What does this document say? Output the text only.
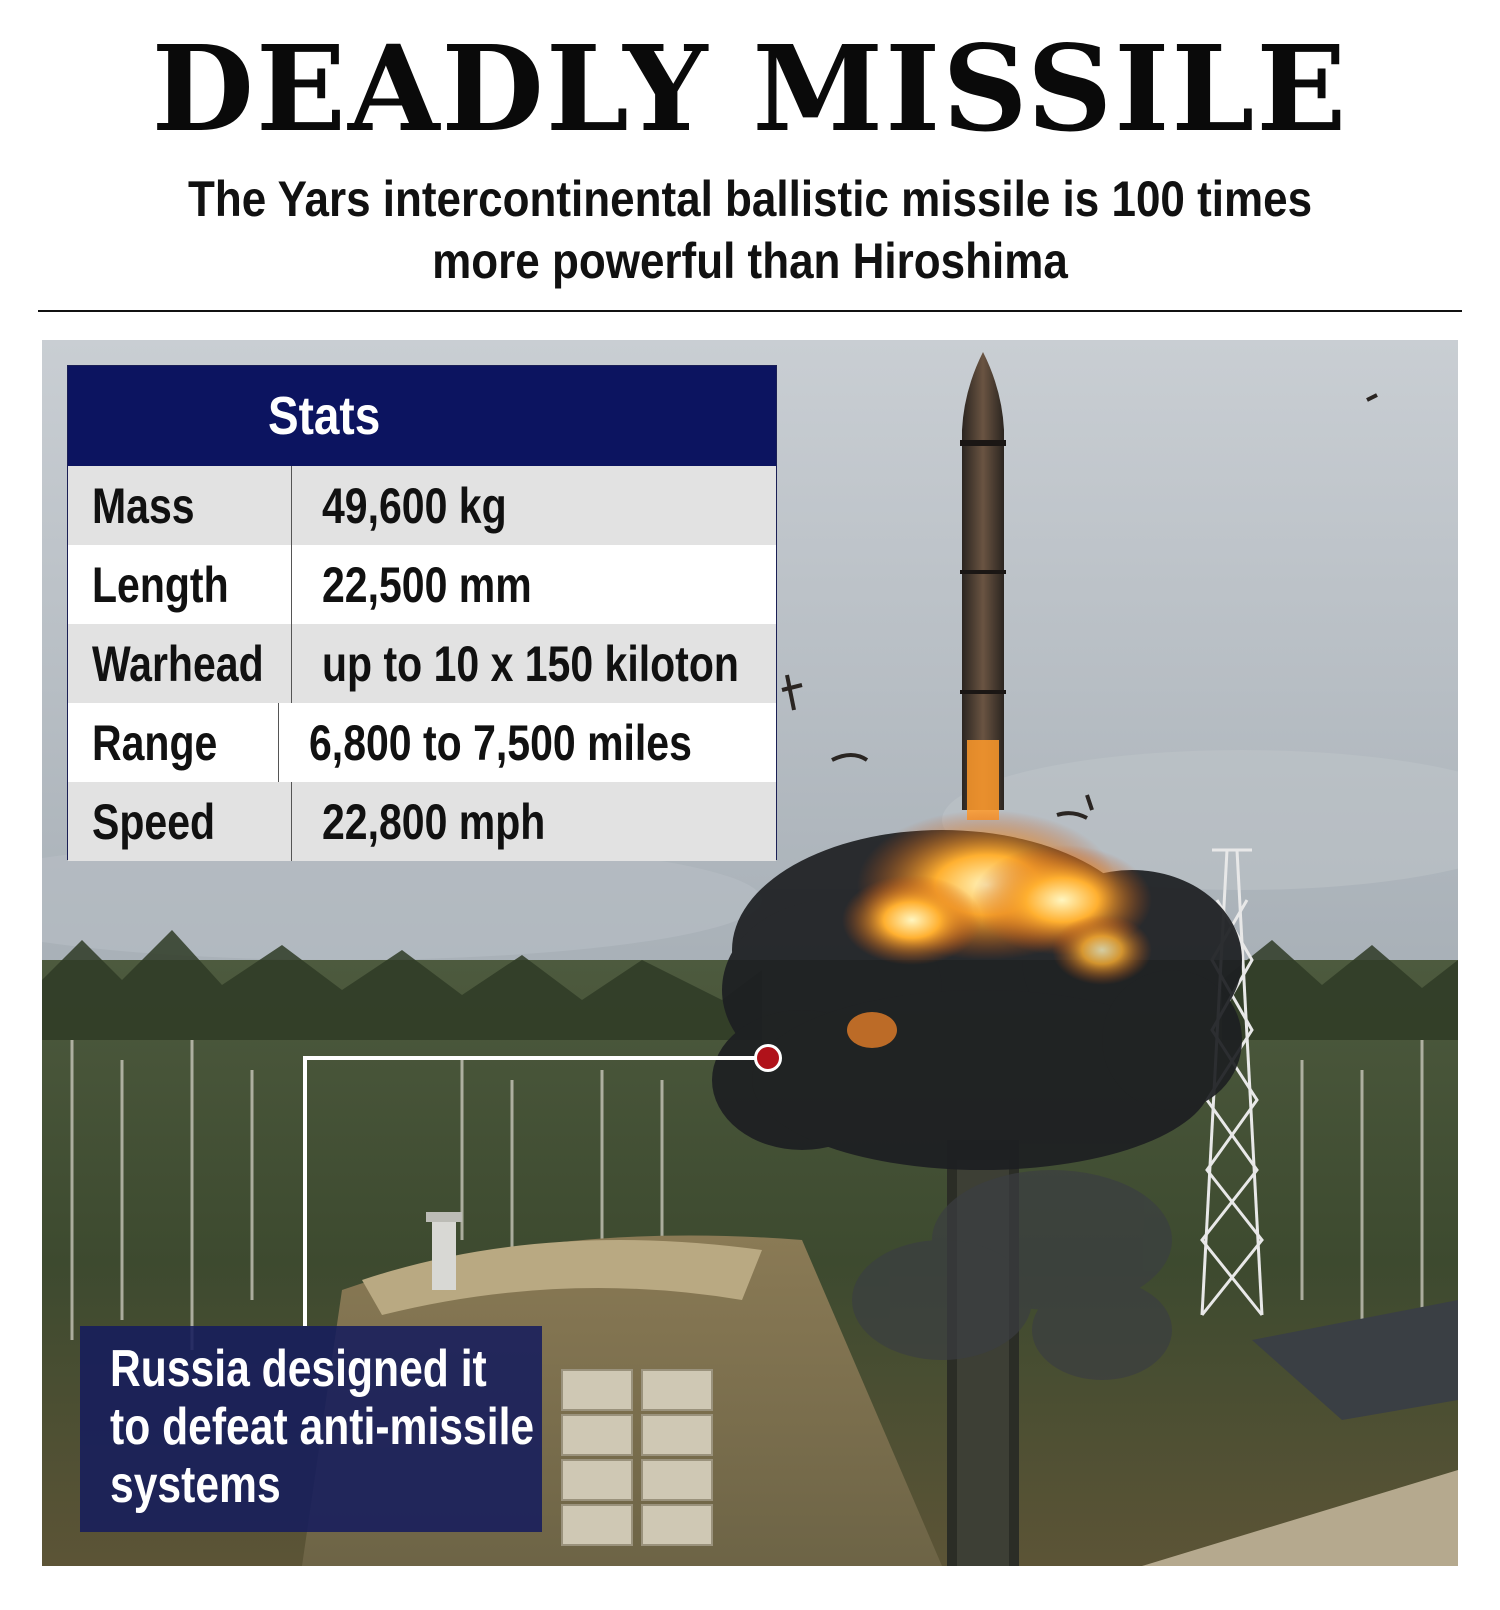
DEADLY MISSILE
The Yars intercontinental ballistic missile is 100 times more powerful than Hiroshima
Stats
Mass	49,600 kg
Length 22,500 mm
Warhead up to 10 x 150 kiloton
Range 6,800 to 7,500 miles
Speed 22,800 mph
Russia designed it to defeat anti-missile systems
